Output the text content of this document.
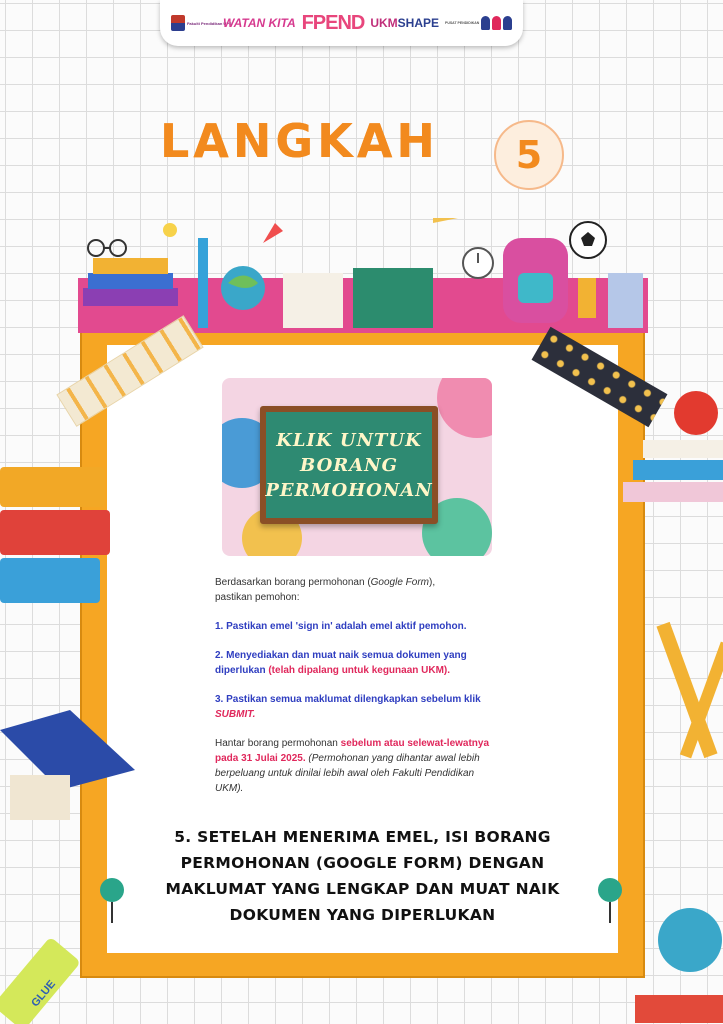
Fakulti Pendidikan UPSI
WATAN KITA FPEND UKMSHAPE PUSAT PENDIDIKAN
LANGKAH	5
KLIK UNTUK
BORANG
PERMOHONAN

Berdasarkan borang permohonan (Google Form),
pastikan pemohon:

1. Pastikan emel 'sign in' adalah emel aktif pemohon.

2. Menyediakan dan muat naik semua dokumen yang diperlukan (telah dipalang untuk kegunaan UKM).

3. Pastikan semua maklumat dilengkapkan sebelum klik SUBMIT.

Hantar borang permohonan sebelum atau selewat-lewatnya pada 31 Julai 2025. (Permohonan yang dihantar awal lebih berpeluang untuk dinilai lebih awal oleh Fakulti Pendidikan UKM).

5. SETELAH MENERIMA EMEL, ISI BORANG PERMOHONAN (GOOGLE FORM) DENGAN MAKLUMAT YANG LENGKAP DAN MUAT NAIK DOKUMEN YANG DIPERLUKAN
GLUE
